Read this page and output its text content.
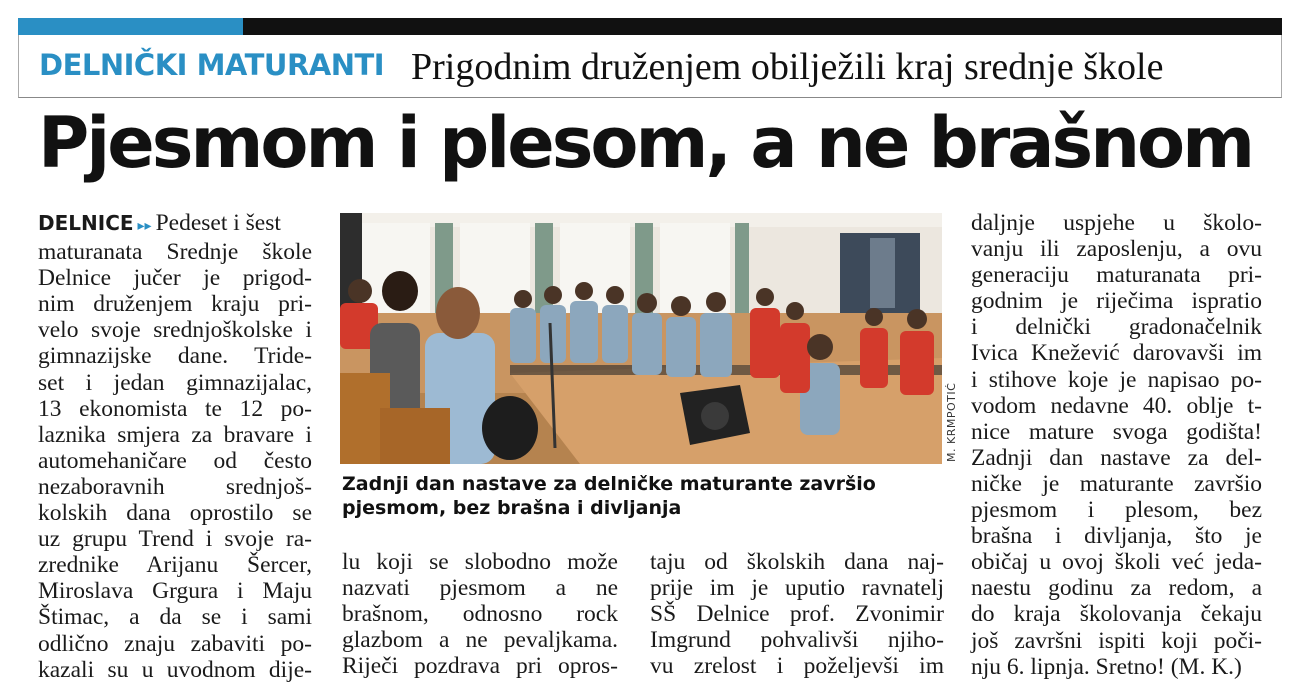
DELNIČKI MATURANTI Prigodnim druženjem obilježili kraj srednje škole
Pjesmom i plesom, a ne brašnom
DELNICE ▸▸ Pedeset i šest
maturanata Srednje škole
Delnice jučer je prigod-
nim druženjem kraju pri-
velo svoje srednjoškolske i
gimnazijske dane. Tride-
set i jedan gimnazijalac,
13 ekonomista te 12 po-
laznika smjera za bravare i
automehaničare od često
nezaboravnih srednjoš-
kolskih dana oprostilo se
uz grupu Trend i svoje ra-
zrednike Arijanu Šercer,
Miroslava Grgura i Maju
Štimac, a da se i sami
odlično znaju zabaviti po-
kazali su u uvodnom dije-
M. KRMPOTIĆ
Zadnji dan nastave za delničke maturante završio
pjesmom, bez brašna i divljanja
lu koji se slobodno može
nazvati pjesmom a ne
brašnom, odnosno rock
glazbom a ne pevaljkama.
Riječi pozdrava pri opros-
taju od školskih dana naj-
prije im je uputio ravnatelj
SŠ Delnice prof. Zvonimir
Imgrund pohvalivši njiho-
vu zrelost i poželjevši im
daljnje uspjehe u školo-
vanju ili zaposlenju, a ovu
generaciju maturanata pri-
godnim je riječima ispratio
i delnički gradonačelnik
Ivica Knežević darovavši im
i stihove koje je napisao po-
vodom nedavne 40. oblje t-
nice mature svoga godišta!
Zadnji dan nastave za del-
ničke je maturante završio
pjesmom i plesom, bez
brašna i divljanja, što je
običaj u ovoj školi već jeda-
naestu godinu za redom, a
do kraja školovanja čekaju
još završni ispiti koji poči-
nju 6. lipnja. Sretno! (M. K.)
